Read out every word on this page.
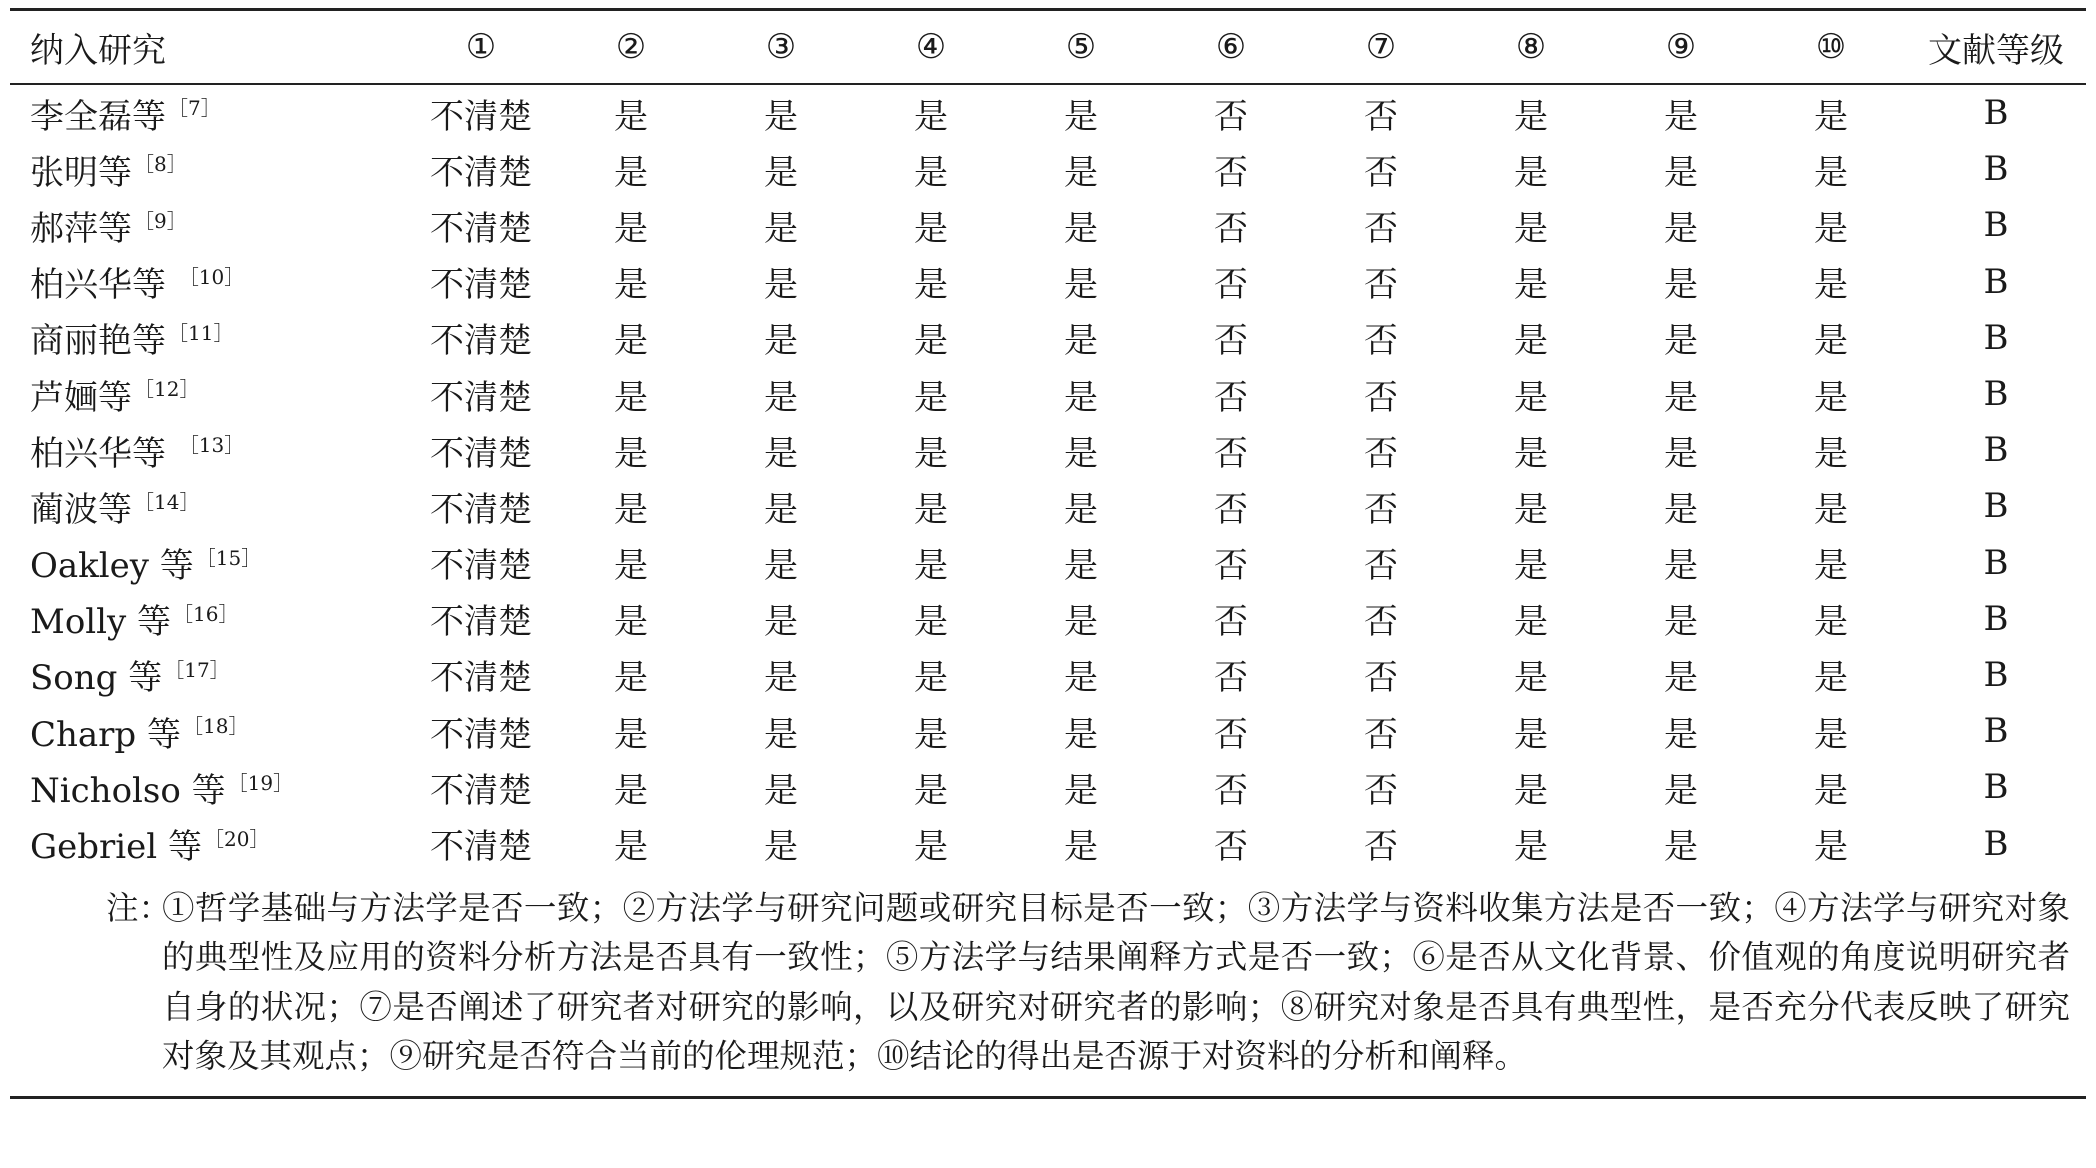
纳入研究	①	②	③	④	⑤	⑥	⑦	⑧	⑨	⑩	文献等级

李全磊等 $^{[7]}$	不清楚	是	是	是	是	否	否	是	是	是	B
张明等 $^{[8]}$	不清楚	是	是	是	是	否	否	是	是	是	B
郝萍等 $^{[9]}$	不清楚	是	是	是	是	否	否	是	是	是	B
柏兴华等 $^{[10]}$	不清楚	是	是	是	是	否	否	是	是	是	B
商丽艳等 $^{[11]}$	不清楚	是	是	是	是	否	否	是	是	是	B
芦婳等 $^{[12]}$	不清楚	是	是	是	是	否	否	是	是	是	B
柏兴华等 $^{[13]}$	不清楚	是	是	是	是	否	否	是	是	是	B
蔺波等 $^{[14]}$	不清楚	是	是	是	是	否	否	是	是	是	B
Oakley 等 $^{[15]}$	不清楚	是	是	是	是	否	否	是	是	是	B
Molly 等 $^{[16]}$	不清楚	是	是	是	是	否	否	是	是	是	B
Song 等 $^{[17]}$	不清楚	是	是	是	是	否	否	是	是	是	B
Charp 等 $^{[18]}$	不清楚	是	是	是	是	否	否	是	是	是	B
Nicholso 等 $^{[19]}$	不清楚	是	是	是	是	否	否	是	是	是	B
Gebriel 等 $^{[20]}$	不清楚	是	是	是	是	否	否	是	是	是	B
注：
①哲学基础与方法学是否一致；②方法学与研究问题或研究目标是否一致；③方法学与资料收集方法是否一致；④方法学与研究对象的典型性及应用的资料分析方法是否具有一致性；⑤方法学与结果阐释方式是否一致；⑥是否从文化背景、价值观的角度说明研究者自身的状况；⑦是否阐述了研究者对研究的影响，以及研究对研究者的影响；⑧研究对象是否具有典型性，是否充分代表反映了研究对象及其观点；⑨研究是否符合当前的伦理规范；⑩结论的得出是否源于对资料的分析和阐释。
